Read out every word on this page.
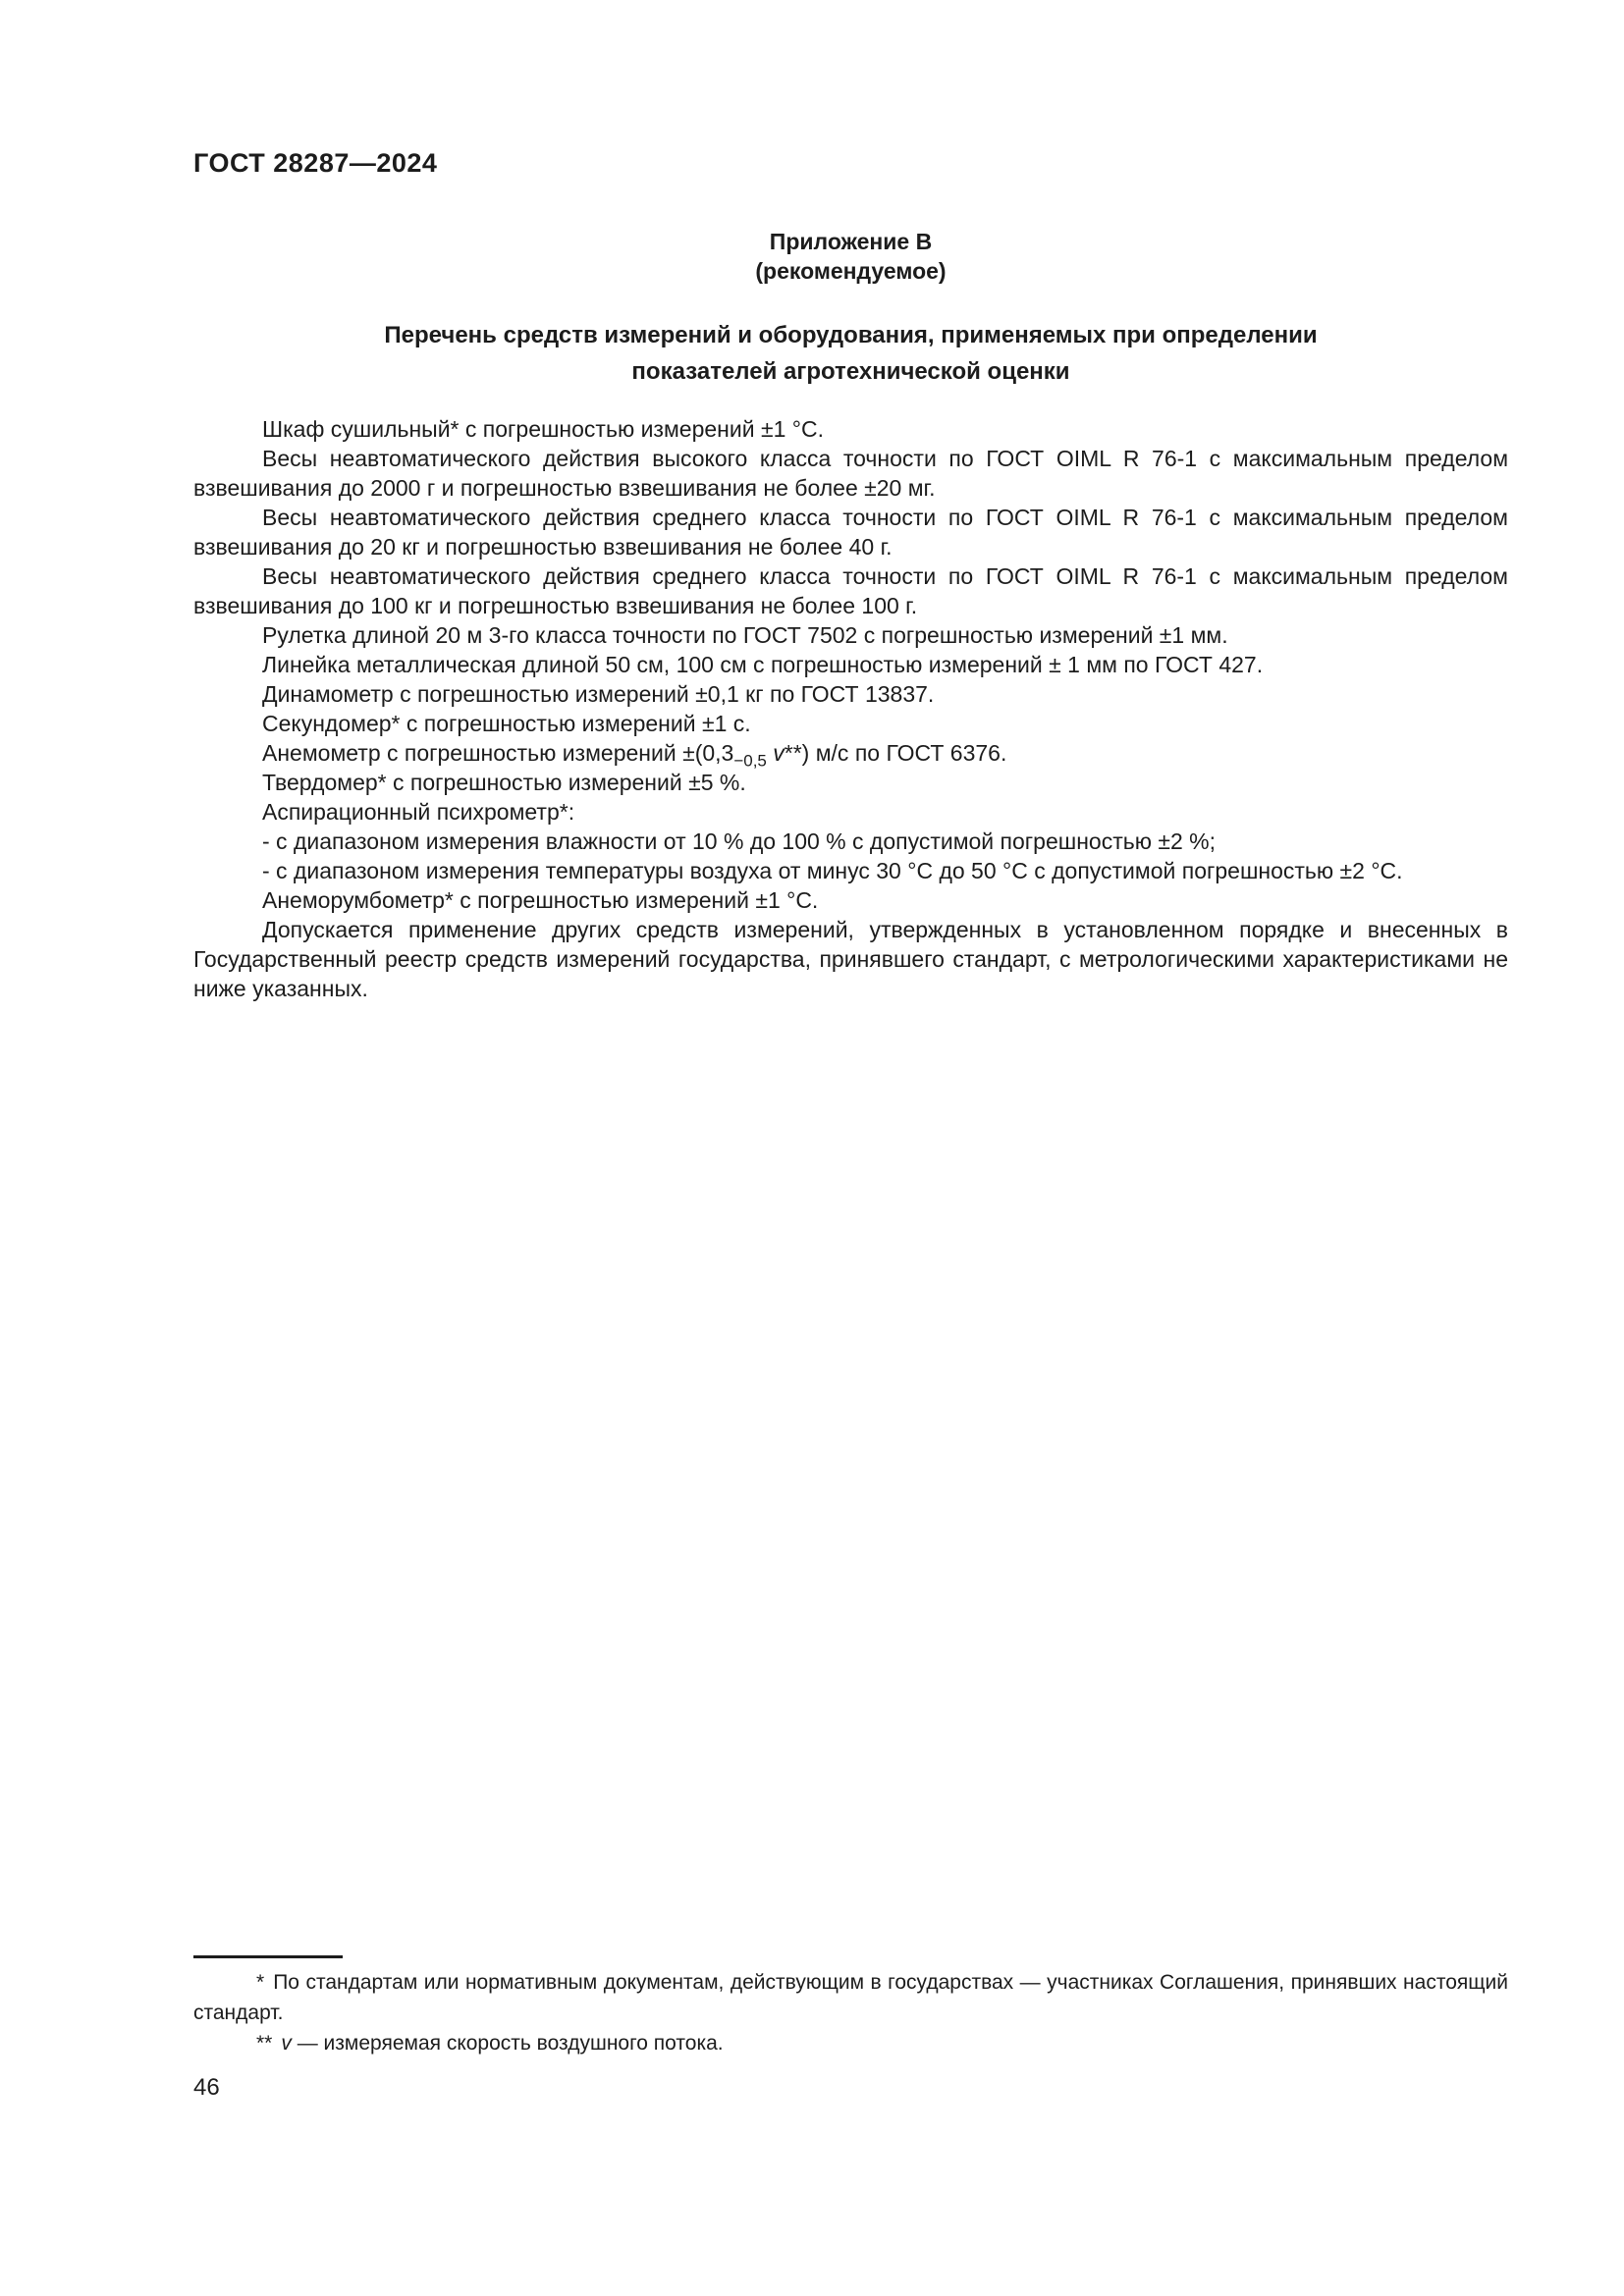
ГОСТ 28287—2024
Приложение В
(рекомендуемое)
Перечень средств измерений и оборудования, применяемых при определении
показателей агротехнической оценки

Шкаф сушильный* с погрешностью измерений ±1 °С.

Весы неавтоматического действия высокого класса точности по ГОСТ OIML R 76-1 с максимальным пределом взвешивания до 2000 г и погрешностью взвешивания не более ±20 мг.

Весы неавтоматического действия среднего класса точности по ГОСТ OIML R 76-1 с максимальным пределом взвешивания до 20 кг и погрешностью взвешивания не более 40 г.

Весы неавтоматического действия среднего класса точности по ГОСТ OIML R 76-1 с максимальным пределом взвешивания до 100 кг и погрешностью взвешивания не более 100 г.

Рулетка длиной 20 м 3-го класса точности по ГОСТ 7502 с погрешностью измерений ±1 мм.

Линейка металлическая длиной 50 см, 100 см с погрешностью измерений ± 1 мм по ГОСТ 427.

Динамометр с погрешностью измерений ±0,1 кг по ГОСТ 13837.

Секундомер* с погрешностью измерений ±1 с.

Анемометр с погрешностью измерений $\pm(0,3_{-0,5}$ v**) м/с по ГОСТ 6376.

Твердомер* с погрешностью измерений ±5 %.

Аспирационный психрометр*:

- с диапазоном измерения влажности от 10 % до 100 % с допустимой погрешностью ±2 %;

- с диапазоном измерения температуры воздуха от минус 30 °С до 50 °С с допустимой погрешностью ±2 °С.

Анеморумбометр* с погрешностью измерений ±1 °С.

Допускается применение других средств измерений, утвержденных в установленном порядке и внесенных в Государственный реестр средств измерений государства, принявшего стандарт, с метрологическими характеристиками не ниже указанных.

* По стандартам или нормативным документам, действующим в государствах — участниках Соглашения, принявших настоящий стандарт.
** v — измеряемая скорость воздушного потока.
46
